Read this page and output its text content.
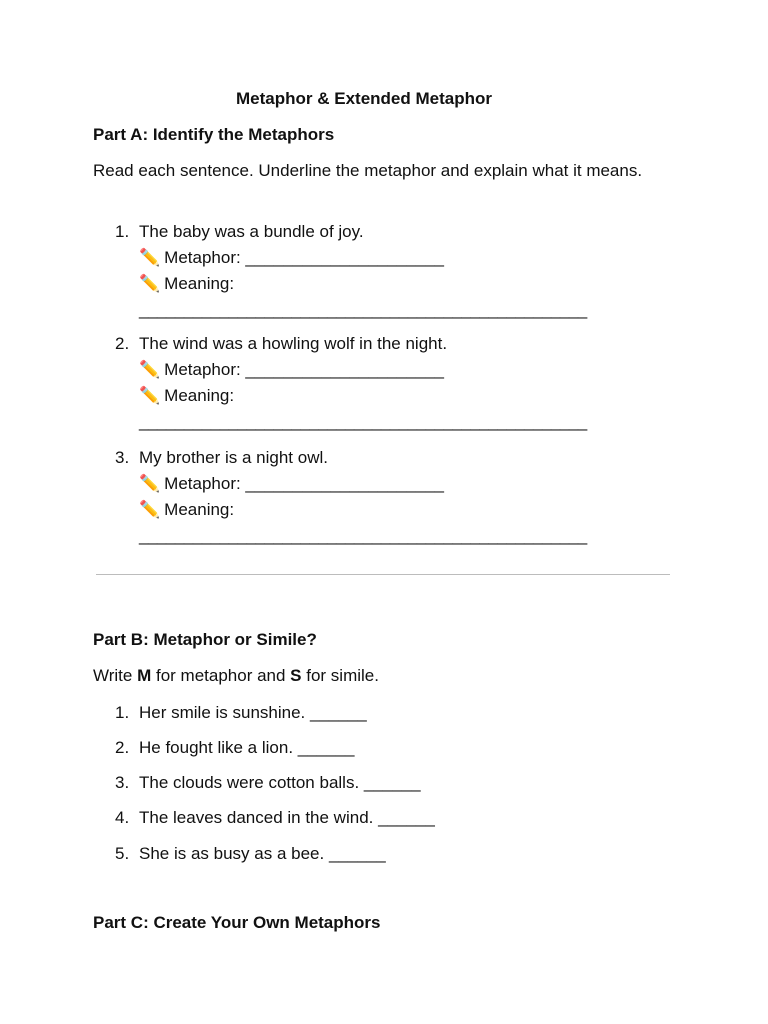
Metaphor & Extended Metaphor
Part A: Identify the Metaphors
Read each sentence. Underline the metaphor and explain what it means.
1. The baby was a bundle of joy.
✏️ Metaphor: _____________________
✏️ Meaning:
__________________________________________________
2. The wind was a howling wolf in the night.
✏️ Metaphor: _____________________
✏️ Meaning:
__________________________________________________
3. My brother is a night owl.
✏️ Metaphor: _____________________
✏️ Meaning:
__________________________________________________
Part B: Metaphor or Simile?
Write M for metaphor and S for simile.
1. Her smile is sunshine. ______
2. He fought like a lion. ______
3. The clouds were cotton balls. ______
4. The leaves danced in the wind. ______
5. She is as busy as a bee. ______
Part C: Create Your Own Metaphors
